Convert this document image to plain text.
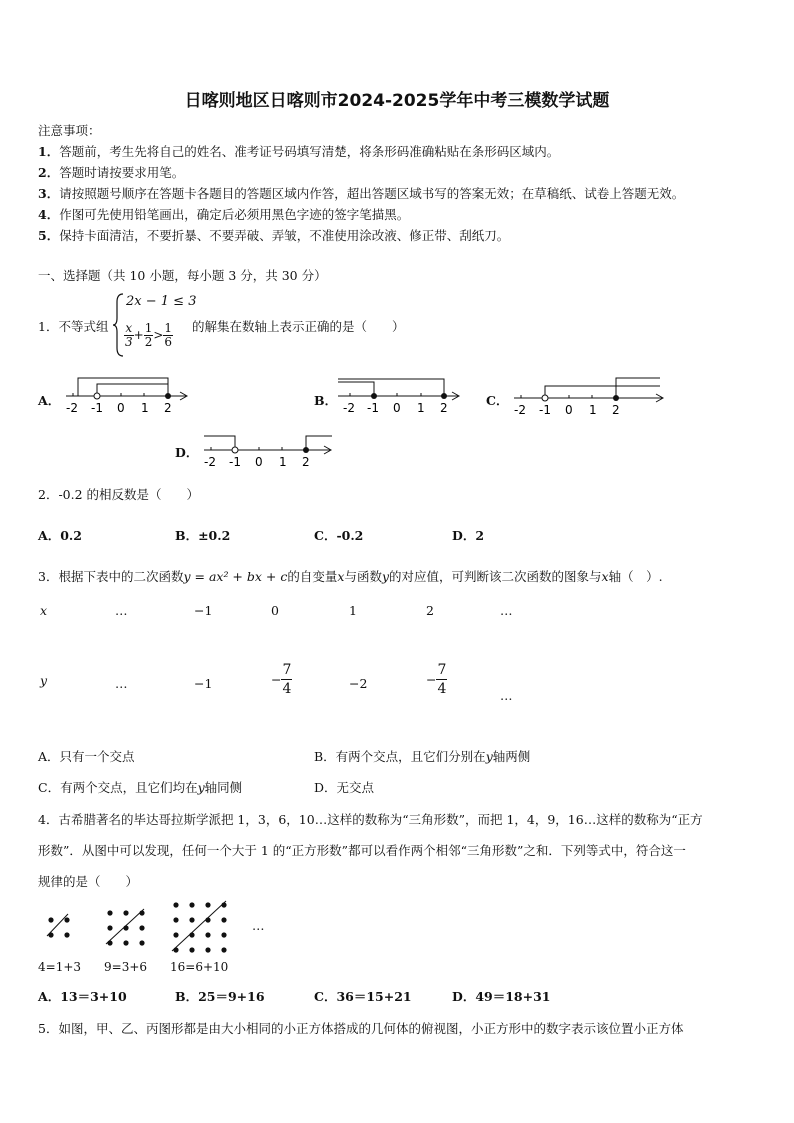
日喀则地区日喀则市2024-2025学年中考三模数学试题
注意事项：
1．答题前，考生先将自己的姓名、准考证号码填写清楚，将条形码准确粘贴在条形码区域内。
2．答题时请按要求用笔。
3．请按照题号顺序在答题卡各题目的答题区域内作答，超出答题区域书写的答案无效；在草稿纸、试卷上答题无效。
4．作图可先使用铅笔画出，确定后必须用黑色字迹的签字笔描黑。
5．保持卡面清洁，不要折暴、不要弄破、弄皱，不准使用涂改液、修正带、刮纸刀。
一、选择题（共 10 小题，每小题 3 分，共 30 分）
1．不等式组
2x − 1 ≤ 3
$\frac{x}{3} + \frac{1}{2} > \frac{1}{6}$ 的解集在数轴上表示正确的是（　　）
A． -2 -1 0 1 2	B． -2 -1 0 1 2	C．
-2 -1 0 1 2
D．
-2 -1 0 1 2
2．-0.2 的相反数是（　　）
A．0.2	B．±0.2	C．-0.2	D．2
3．根据下表中的二次函数y = ax² + bx + c的自变量x与函数y的对应值，可判断该二次函数的图象与x轴（　）.
x	…	−1	0	1	2	…
y	…	−1	− $\frac{7}{4}$	−2	− $\frac{7}{4}$	…
A．只有一个交点	B．有两个交点，且它们分别在y轴两侧
C．有两个交点，且它们均在y轴同侧	D．无交点
4．古希腊著名的毕达哥拉斯学派把 1，3，6，10…这样的数称为“三角形数”，而把 1，4，9，16…这样的数称为“正方
形数”．从图中可以发现，任何一个大于 1 的“正方形数”都可以看作两个相邻“三角形数”之和．下列等式中，符合这一
规律的是（　　）
…
4=1+3 9=3+6 16=6+10
A．13＝3+10	B．25＝9+16	C．36＝15+21	D．49＝18+31
5．如图，甲、乙、丙图形都是由大小相同的小正方体搭成的几何体的俯视图，小正方形中的数字表示该位置小正方体
